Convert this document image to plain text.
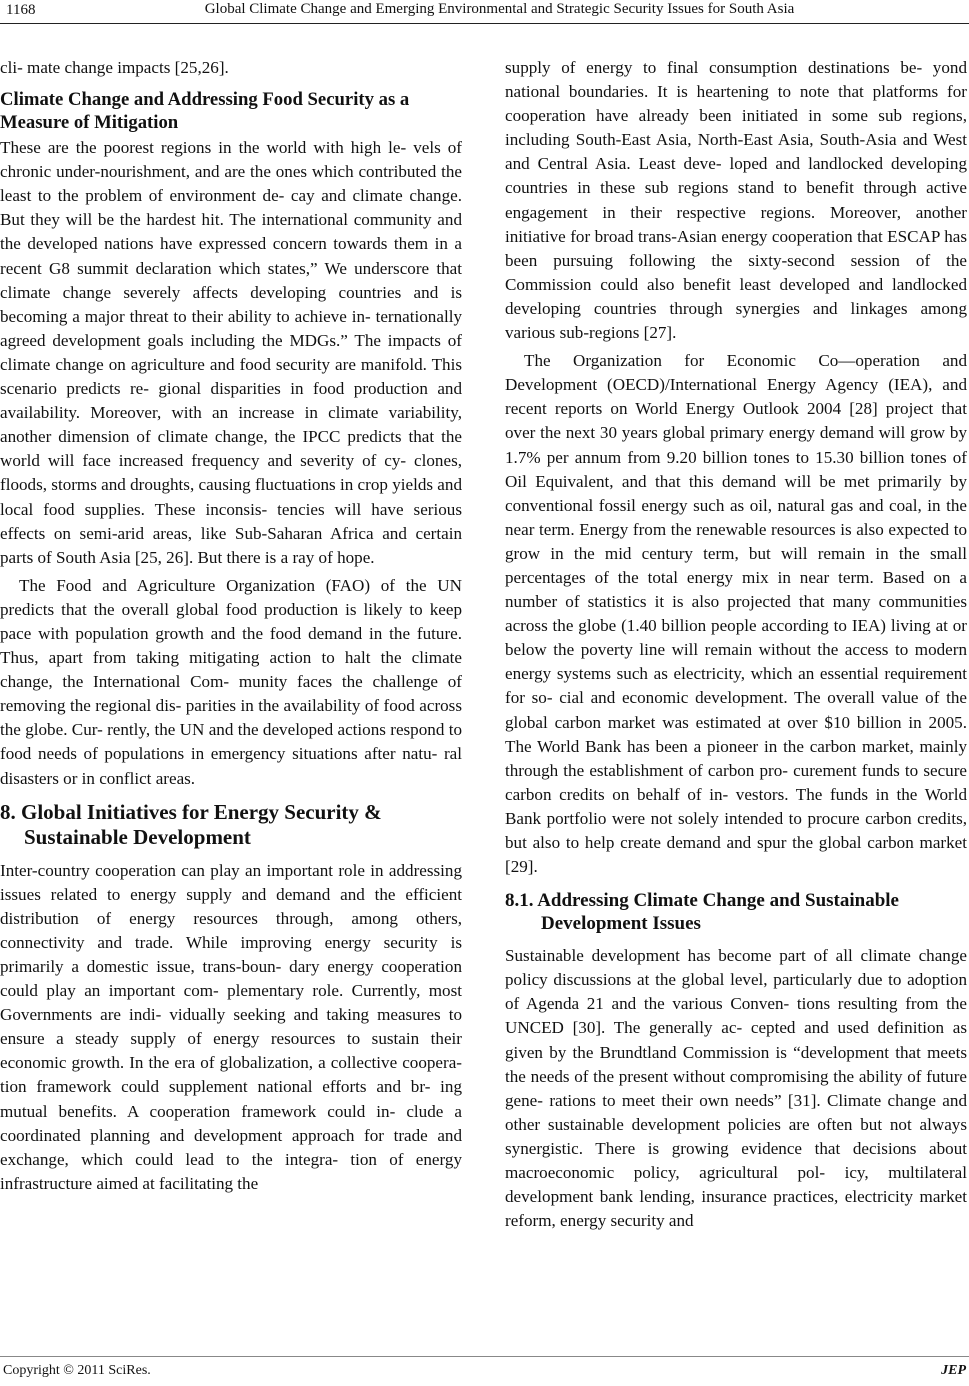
1168	Global Climate Change and Emerging Environmental and Strategic Security Issues for South Asia

cli- mate change impacts [25,26].

Climate Change and Addressing Food Security as a Measure of Mitigation

These are the poorest regions in the world with high le- vels of chronic under-nourishment, and are the ones which contributed the least to the problem of environment de- cay and climate change. But they will be the hardest hit. The international community and the developed nations have expressed concern towards them in a recent G8 summit declaration which states,” We underscore that climate change severely affects developing countries and is becoming a major threat to their ability to achieve in- ternationally agreed development goals including the MDGs.” The impacts of climate change on agriculture and food security are manifold. This scenario predicts re- gional disparities in food production and availability. Moreover, with an increase in climate variability, another dimension of climate change, the IPCC predicts that the world will face increased frequency and severity of cy- clones, floods, storms and droughts, causing fluctuations in crop yields and local food supplies. These inconsis- tencies will have serious effects on semi-arid areas, like Sub-Saharan Africa and certain parts of South Asia [25, 26]. But there is a ray of hope.

The Food and Agriculture Organization (FAO) of the UN predicts that the overall global food production is likely to keep pace with population growth and the food demand in the future. Thus, apart from taking mitigating action to halt the climate change, the International Com- munity faces the challenge of removing the regional dis- parities in the availability of food across the globe. Cur- rently, the UN and the developed actions respond to food needs of populations in emergency situations after natu- ral disasters or in conflict areas.

8. Global Initiatives for Energy Security & Sustainable Development

Inter-country cooperation can play an important role in addressing issues related to energy supply and demand and the efficient distribution of energy resources through, among others, connectivity and trade. While improving energy security is primarily a domestic issue, trans-boun- dary energy cooperation could play an important com- plementary role. Currently, most Governments are indi- vidually seeking and taking measures to ensure a steady supply of energy resources to sustain their economic growth. In the era of globalization, a collective coopera- tion framework could supplement national efforts and br- ing mutual benefits. A cooperation framework could in- clude a coordinated planning and development approach for trade and exchange, which could lead to the integra- tion of energy infrastructure aimed at facilitating the

supply of energy to final consumption destinations be- yond national boundaries. It is heartening to note that platforms for cooperation have already been initiated in some sub regions, including South-East Asia, North-East Asia, South-Asia and West and Central Asia. Least deve- loped and landlocked developing countries in these sub regions stand to benefit through active engagement in their respective regions. Moreover, another initiative for broad trans-Asian energy cooperation that ESCAP has been pursuing following the sixty-second session of the Commission could also benefit least developed and landlocked developing countries through synergies and linkages among various sub-regions [27].

The Organization for Economic Co—operation and Development (OECD)/International Energy Agency (IEA), and recent reports on World Energy Outlook 2004 [28] project that over the next 30 years global primary energy demand will grow by 1.7% per annum from 9.20 billion tones to 15.30 billion tones of Oil Equivalent, and that this demand will be met primarily by conventional fossil energy such as oil, natural gas and coal, in the near term. Energy from the renewable resources is also expected to grow in the mid century term, but will remain in the small percentages of the total energy mix in near term. Based on a number of statistics it is also projected that many communities across the globe (1.40 billion people according to IEA) living at or below the poverty line will remain without the access to modern energy systems such as electricity, which an essential requirement for so- cial and economic development. The overall value of the global carbon market was estimated at over $10 billion in 2005. The World Bank has been a pioneer in the carbon market, mainly through the establishment of carbon pro- curement funds to secure carbon credits on behalf of in- vestors. The funds in the World Bank portfolio were not solely intended to procure carbon credits, but also to help create demand and spur the global carbon market [29].

8.1. Addressing Climate Change and Sustainable Development Issues

Sustainable development has become part of all climate change policy discussions at the global level, particularly due to adoption of Agenda 21 and the various Conven- tions resulting from the UNCED [30]. The generally ac- cepted and used definition as given by the Brundtland Commission is “development that meets the needs of the present without compromising the ability of future gene- rations to meet their own needs” [31]. Climate change and other sustainable development policies are often but not always synergistic. There is growing evidence that decisions about macroeconomic policy, agricultural pol- icy, multilateral development bank lending, insurance practices, electricity market reform, energy security and

Copyright © 2011 SciRes.	JEP
